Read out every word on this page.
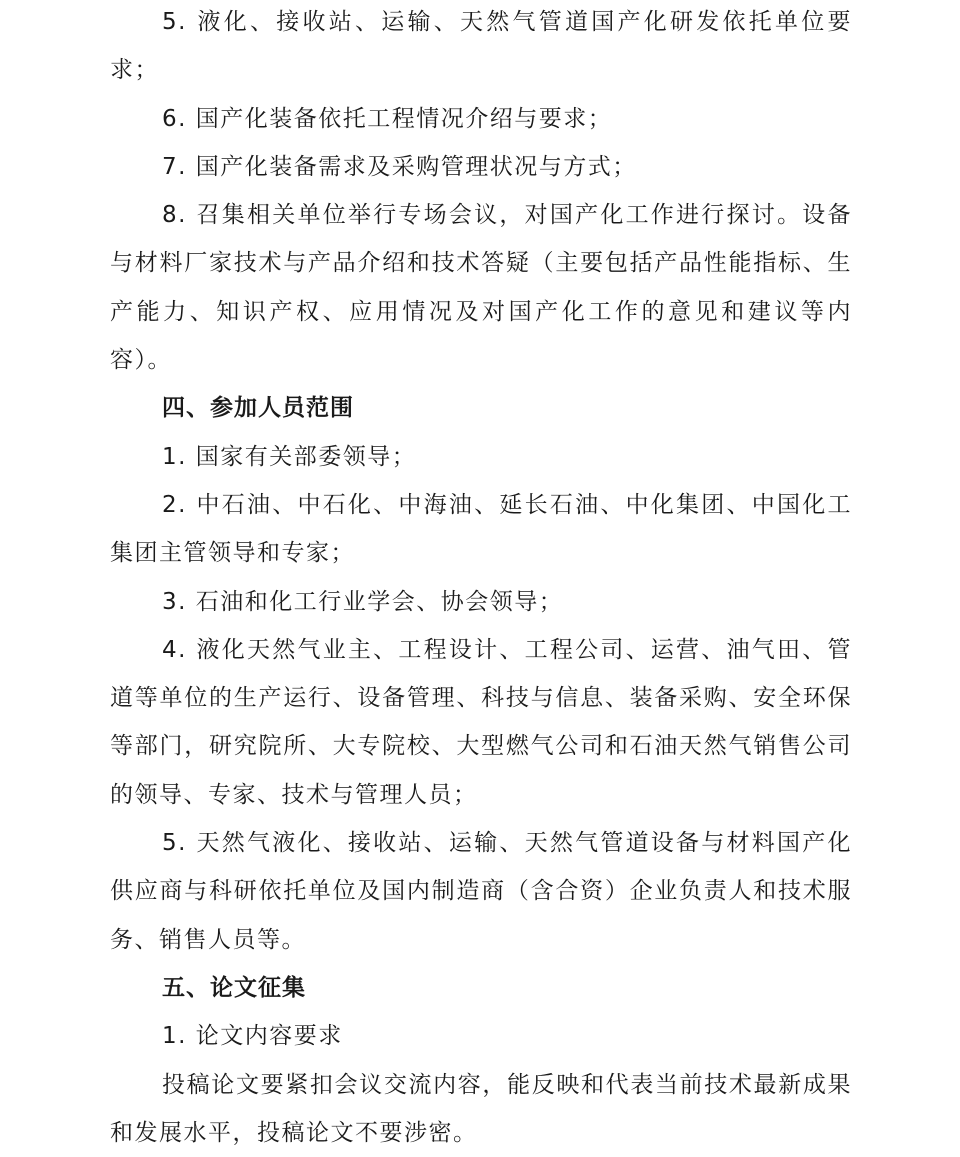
5. 液化、接收站、运输、天然气管道国产化研发依托单位要求；

6. 国产化装备依托工程情况介绍与要求；

7. 国产化装备需求及采购管理状况与方式；

8. 召集相关单位举行专场会议，对国产化工作进行探讨。设备与材料厂家技术与产品介绍和技术答疑（主要包括产品性能指标、生产能力、知识产权、应用情况及对国产化工作的意见和建议等内容）。

四、参加人员范围

1. 国家有关部委领导；

2. 中石油、中石化、中海油、延长石油、中化集团、中国化工集团主管领导和专家；

3. 石油和化工行业学会、协会领导；

4. 液化天然气业主、工程设计、工程公司、运营、油气田、管道等单位的生产运行、设备管理、科技与信息、装备采购、安全环保等部门，研究院所、大专院校、大型燃气公司和石油天然气销售公司的领导、专家、技术与管理人员；

5. 天然气液化、接收站、运输、天然气管道设备与材料国产化供应商与科研依托单位及国内制造商（含合资）企业负责人和技术服务、销售人员等。

五、论文征集

1. 论文内容要求

投稿论文要紧扣会议交流内容，能反映和代表当前技术最新成果和发展水平，投稿论文不要涉密。
